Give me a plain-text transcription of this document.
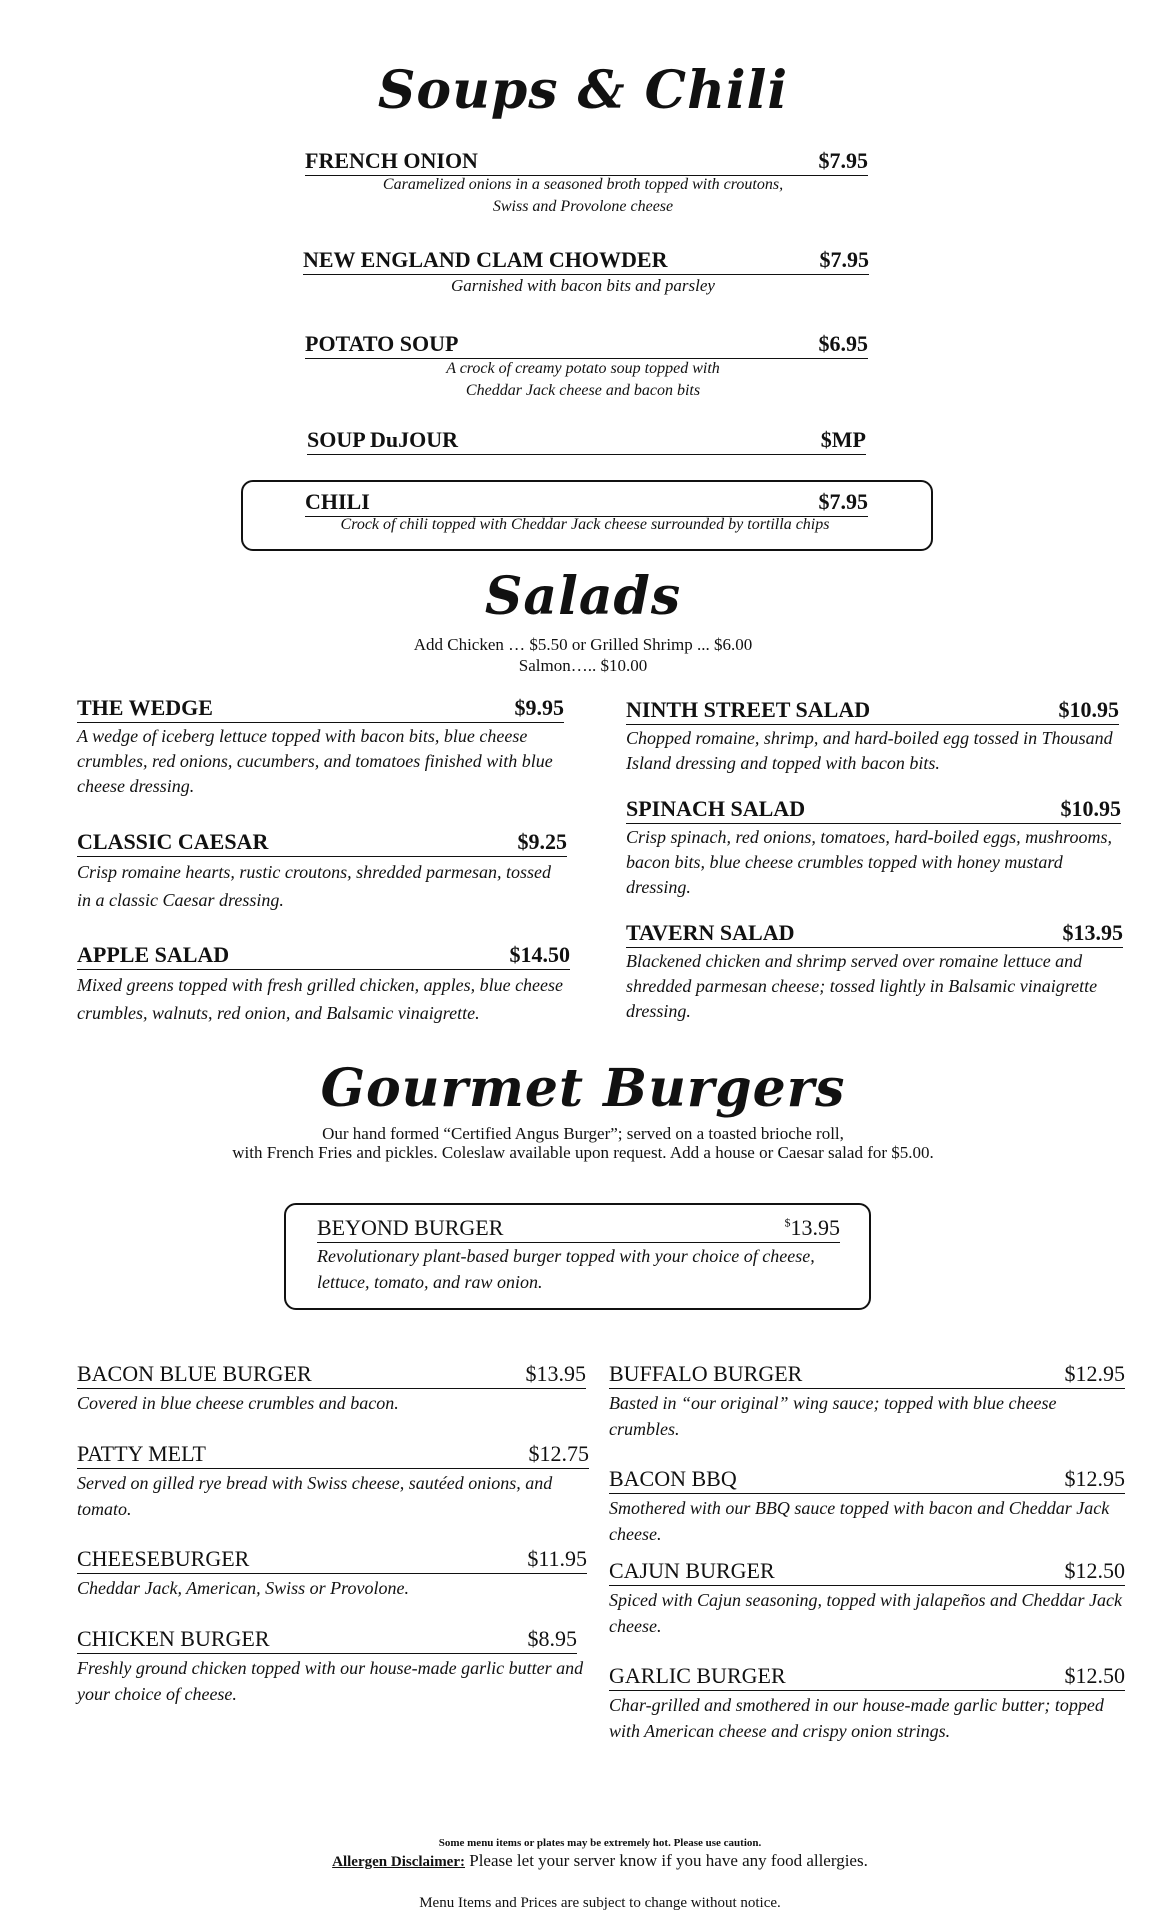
Soups & Chili
FRENCH ONION	$7.95
Caramelized onions in a seasoned broth topped with croutons,
Swiss and Provolone cheese
NEW ENGLAND CLAM CHOWDER	$7.95
Garnished with bacon bits and parsley
POTATO SOUP	$6.95
A crock of creamy potato soup topped with
Cheddar Jack cheese and bacon bits
SOUP DuJOUR	$MP
CHILI	$7.95
Crock of chili topped with Cheddar Jack cheese surrounded by tortilla chips
Salads
Add Chicken … $5.50 or Grilled Shrimp ... $6.00
Salmon….. $10.00
THE WEDGE	$9.95
A wedge of iceberg lettuce topped with bacon bits, blue cheese crumbles, red onions, cucumbers, and tomatoes finished with blue cheese dressing.
CLASSIC CAESAR	$9.25
Crisp romaine hearts, rustic croutons, shredded parmesan, tossed in a classic Caesar dressing.
APPLE SALAD	$14.50
Mixed greens topped with fresh grilled chicken, apples, blue cheese crumbles, walnuts, red onion, and Balsamic vinaigrette.
NINTH STREET SALAD	$10.95
Chopped romaine, shrimp, and hard-boiled egg tossed in Thousand Island dressing and topped with bacon bits.
SPINACH SALAD	$10.95
Crisp spinach, red onions, tomatoes, hard-boiled eggs, mushrooms, bacon bits, blue cheese crumbles topped with honey mustard dressing.
TAVERN SALAD	$13.95
Blackened chicken and shrimp served over romaine lettuce and shredded parmesan cheese; tossed lightly in Balsamic vinaigrette dressing.
Gourmet Burgers
Our hand formed “Certified Angus Burger”; served on a toasted brioche roll,
with French Fries and pickles. Coleslaw available upon request. Add a house or Caesar salad for $5.00.
BEYOND BURGER	$13.95
Revolutionary plant-based burger topped with your choice of cheese, lettuce, tomato, and raw onion.
BACON BLUE BURGER	$13.95
Covered in blue cheese crumbles and bacon.
PATTY MELT	$12.75
Served on gilled rye bread with Swiss cheese, sautéed onions, and tomato.
CHEESEBURGER	$11.95
Cheddar Jack, American, Swiss or Provolone.
CHICKEN BURGER	$8.95
Freshly ground chicken topped with our house-made garlic butter and your choice of cheese.
BUFFALO BURGER	$12.95
Basted in “our original” wing sauce; topped with blue cheese crumbles.
BACON BBQ	$12.95
Smothered with our BBQ sauce topped with bacon and Cheddar Jack cheese.
CAJUN BURGER	$12.50
Spiced with Cajun seasoning, topped with jalapeños and Cheddar Jack cheese.
GARLIC BURGER	$12.50
Char-grilled and smothered in our house-made garlic butter; topped with American cheese and crispy onion strings.
Some menu items or plates may be extremely hot. Please use caution.
Allergen Disclaimer: Please let your server know if you have any food allergies.
Menu Items and Prices are subject to change without notice.
